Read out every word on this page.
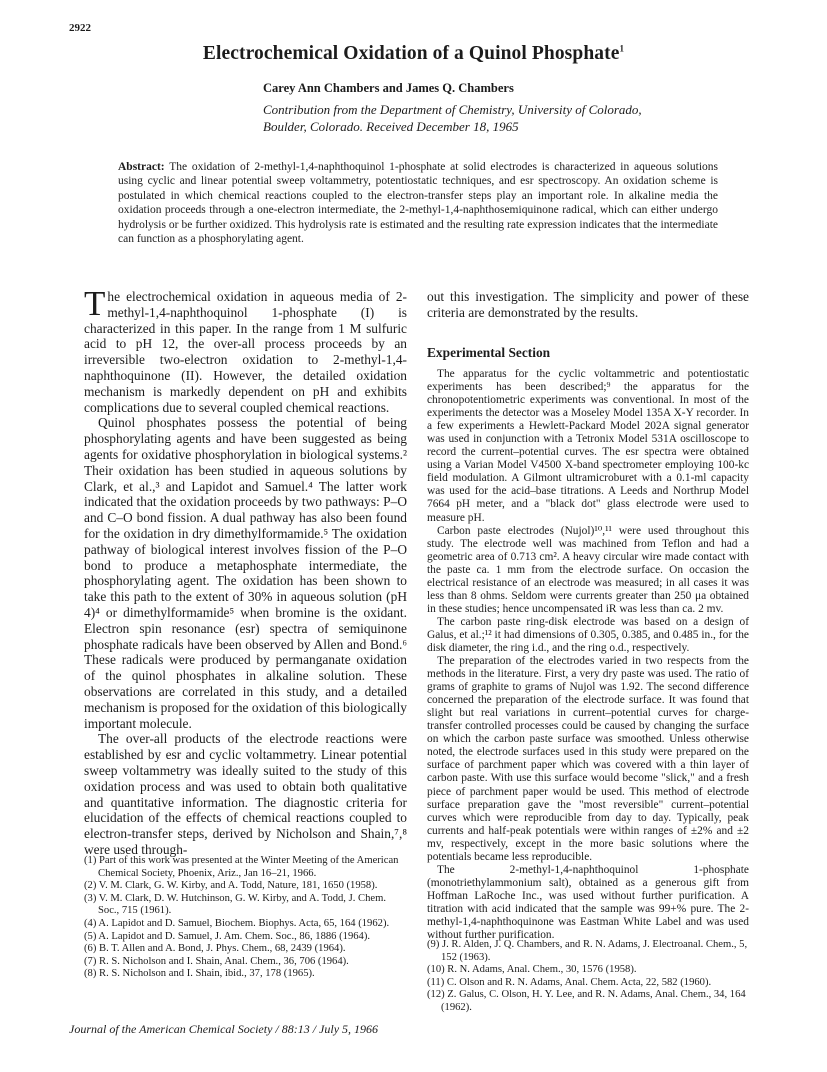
2922
Electrochemical Oxidation of a Quinol Phosphate$^1$
Carey Ann Chambers and James Q. Chambers
Contribution from the Department of Chemistry, University of Colorado,
Boulder, Colorado. Received December 18, 1965
Abstract: The oxidation of 2-methyl-1,4-naphthoquinol 1-phosphate at solid electrodes is characterized in aqueous solutions using cyclic and linear potential sweep voltammetry, potentiostatic techniques, and esr spectroscopy. An oxidation scheme is postulated in which chemical reactions coupled to the electron-transfer steps play an important role. In alkaline media the oxidation proceeds through a one-electron intermediate, the 2-methyl-1,4-naphthosemiquinone radical, which can either undergo hydrolysis or be further oxidized. This hydrolysis rate is estimated and the resulting rate expression indicates that the intermediate can function as a phosphorylating agent.

The electrochemical oxidation in aqueous media of 2-methyl-1,4-naphthoquinol 1-phosphate (I) is characterized in this paper. In the range from 1 M sulfuric acid to pH 12, the over-all process proceeds by an irreversible two-electron oxidation to 2-methyl-1,4-naphthoquinone (II). However, the detailed oxidation mechanism is markedly dependent on pH and exhibits complications due to several coupled chemical reactions.

Quinol phosphates possess the potential of being phosphorylating agents and have been suggested as being agents for oxidative phosphorylation in biological systems.² Their oxidation has been studied in aqueous solutions by Clark, et al.,³ and Lapidot and Samuel.⁴ The latter work indicated that the oxidation proceeds by two pathways: P–O and C–O bond fission. A dual pathway has also been found for the oxidation in dry dimethylformamide.⁵ The oxidation pathway of biological interest involves fission of the P–O bond to produce a metaphosphate intermediate, the phosphorylating agent. The oxidation has been shown to take this path to the extent of 30% in aqueous solution (pH 4)⁴ or dimethylformamide⁵ when bromine is the oxidant. Electron spin resonance (esr) spectra of semiquinone phosphate radicals have been observed by Allen and Bond.⁶ These radicals were produced by permanganate oxidation of the quinol phosphates in alkaline solution. These observations are correlated in this study, and a detailed mechanism is proposed for the oxidation of this biologically important molecule.

The over-all products of the electrode reactions were established by esr and cyclic voltammetry. Linear potential sweep voltammetry was ideally suited to the study of this oxidation process and was used to obtain both qualitative and quantitative information. The diagnostic criteria for elucidation of the effects of chemical reactions coupled to electron-transfer steps, derived by Nicholson and Shain,⁷,⁸ were used through-

out this investigation. The simplicity and power of these criteria are demonstrated by the results.
Experimental Section

The apparatus for the cyclic voltammetric and potentiostatic experiments has been described;⁹ the apparatus for the chronopotentiometric experiments was conventional. In most of the experiments the detector was a Moseley Model 135A X-Y recorder. In a few experiments a Hewlett-Packard Model 202A signal generator was used in conjunction with a Tetronix Model 531A oscilloscope to record the current–potential curves. The esr spectra were obtained using a Varian Model V4500 X-band spectrometer employing 100-kc field modulation. A Gilmont ultramicroburet with a 0.1-ml capacity was used for the acid–base titrations. A Leeds and Northrup Model 7664 pH meter, and a "black dot" glass electrode were used to measure pH.

Carbon paste electrodes (Nujol)¹⁰,¹¹ were used throughout this study. The electrode well was machined from Teflon and had a geometric area of 0.713 cm². A heavy circular wire made contact with the paste ca. 1 mm from the electrode surface. On occasion the electrical resistance of an electrode was measured; in all cases it was less than 8 ohms. Seldom were currents greater than 250 μa obtained in these studies; hence uncompensated iR was less than ca. 2 mv.

The carbon paste ring-disk electrode was based on a design of Galus, et al.;¹² it had dimensions of 0.305, 0.385, and 0.485 in., for the disk diameter, the ring i.d., and the ring o.d., respectively.

The preparation of the electrodes varied in two respects from the methods in the literature. First, a very dry paste was used. The ratio of grams of graphite to grams of Nujol was 1.92. The second difference concerned the preparation of the electrode surface. It was found that slight but real variations in current–potential curves for charge-transfer controlled processes could be caused by changing the surface on which the carbon paste surface was smoothed. Unless otherwise noted, the electrode surfaces used in this study were prepared on the surface of parchment paper which was covered with a thin layer of carbon paste. With use this surface would become "slick," and a fresh piece of parchment paper would be used. This method of electrode surface preparation gave the "most reversible" current–potential curves which were reproducible from day to day. Typically, peak currents and half-peak potentials were within ranges of ±2% and ±2 mv, respectively, except in the more basic solutions where the potentials became less reproducible.

The 2-methyl-1,4-naphthoquinol 1-phosphate (monotriethylammonium salt), obtained as a generous gift from Hoffman LaRoche Inc., was used without further purification. A titration with acid indicated that the sample was 99+% pure. The 2-methyl-1,4-naphthoquinone was Eastman White Label and was used without further purification.

(1) Part of this work was presented at the Winter Meeting of the American Chemical Society, Phoenix, Ariz., Jan 16–21, 1966.
(2) V. M. Clark, G. W. Kirby, and A. Todd, Nature, 181, 1650 (1958).
(3) V. M. Clark, D. W. Hutchinson, G. W. Kirby, and A. Todd, J. Chem. Soc., 715 (1961).
(4) A. Lapidot and D. Samuel, Biochem. Biophys. Acta, 65, 164 (1962).
(5) A. Lapidot and D. Samuel, J. Am. Chem. Soc., 86, 1886 (1964).
(6) B. T. Allen and A. Bond, J. Phys. Chem., 68, 2439 (1964).
(7) R. S. Nicholson and I. Shain, Anal. Chem., 36, 706 (1964).
(8) R. S. Nicholson and I. Shain, ibid., 37, 178 (1965).
(9) J. R. Alden, J. Q. Chambers, and R. N. Adams, J. Electroanal. Chem., 5, 152 (1963).
(10) R. N. Adams, Anal. Chem., 30, 1576 (1958).
(11) C. Olson and R. N. Adams, Anal. Chem. Acta, 22, 582 (1960).
(12) Z. Galus, C. Olson, H. Y. Lee, and R. N. Adams, Anal. Chem., 34, 164 (1962).
Journal of the American Chemical Society / 88:13 / July 5, 1966
